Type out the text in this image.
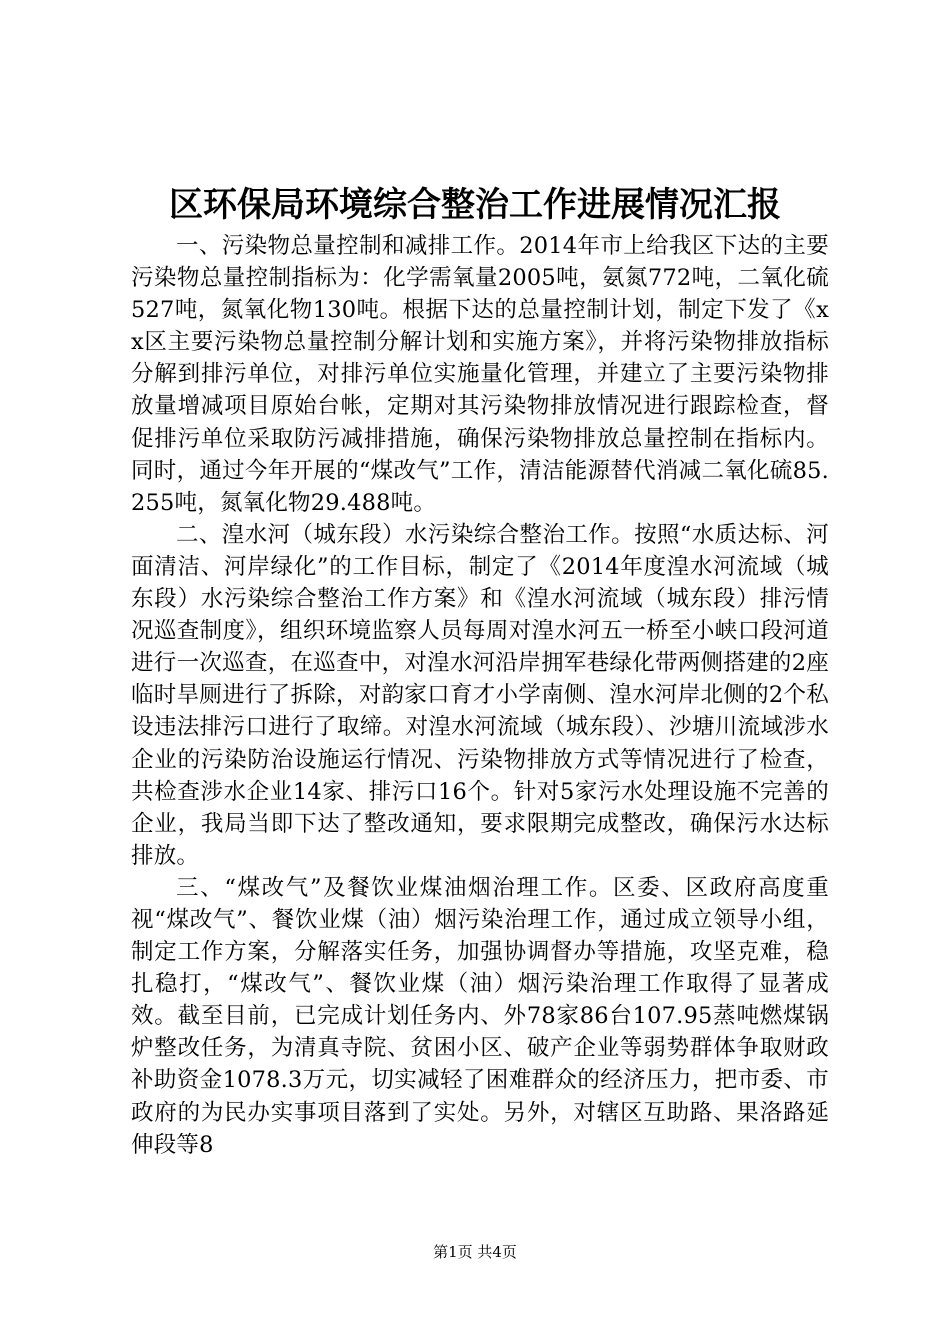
区环保局环境综合整治工作进展情况汇报

一、污染物总量控制和减排工作。2014年市上给我区下达的主要污染物总量控制指标为：化学需氧量2005吨，氨氮772吨，二氧化硫527吨，氮氧化物130吨。根据下达的总量控制计划，制定下发了《xx区主要污染物总量控制分解计划和实施方案》，并将污染物排放指标分解到排污单位，对排污单位实施量化管理，并建立了主要污染物排放量增减项目原始台帐，定期对其污染物排放情况进行跟踪检查，督促排污单位采取防污减排措施，确保污染物排放总量控制在指标内。同时，通过今年开展的“煤改气”工作，清洁能源替代消减二氧化硫85.255吨，氮氧化物29.488吨。

二、湟水河（城东段）水污染综合整治工作。按照“水质达标、河面清洁、河岸绿化”的工作目标，制定了《2014年度湟水河流域（城东段）水污染综合整治工作方案》和《湟水河流域（城东段）排污情况巡查制度》，组织环境监察人员每周对湟水河五一桥至小峡口段河道进行一次巡查，在巡查中，对湟水河沿岸拥军巷绿化带两侧搭建的2座临时旱厕进行了拆除，对韵家口育才小学南侧、湟水河岸北侧的2个私设违法排污口进行了取缔。对湟水河流域（城东段）、沙塘川流域涉水企业的污染防治设施运行情况、污染物排放方式等情况进行了检查，共检查涉水企业14家、排污口16个。针对5家污水处理设施不完善的企业，我局当即下达了整改通知，要求限期完成整改，确保污水达标排放。

三、“煤改气”及餐饮业煤油烟治理工作。区委、区政府高度重视“煤改气”、餐饮业煤（油）烟污染治理工作，通过成立领导小组，制定工作方案，分解落实任务，加强协调督办等措施，攻坚克难，稳扎稳打，“煤改气”、餐饮业煤（油）烟污染治理工作取得了显著成效。截至目前，已完成计划任务内、外78家86台107.95蒸吨燃煤锅炉整改任务，为清真寺院、贫困小区、破产企业等弱势群体争取财政补助资金1078.3万元，切实减轻了困难群众的经济压力，把市委、市政府的为民办实事项目落到了实处。另外，对辖区互助路、果洛路延伸段等8

第1页 共4页
